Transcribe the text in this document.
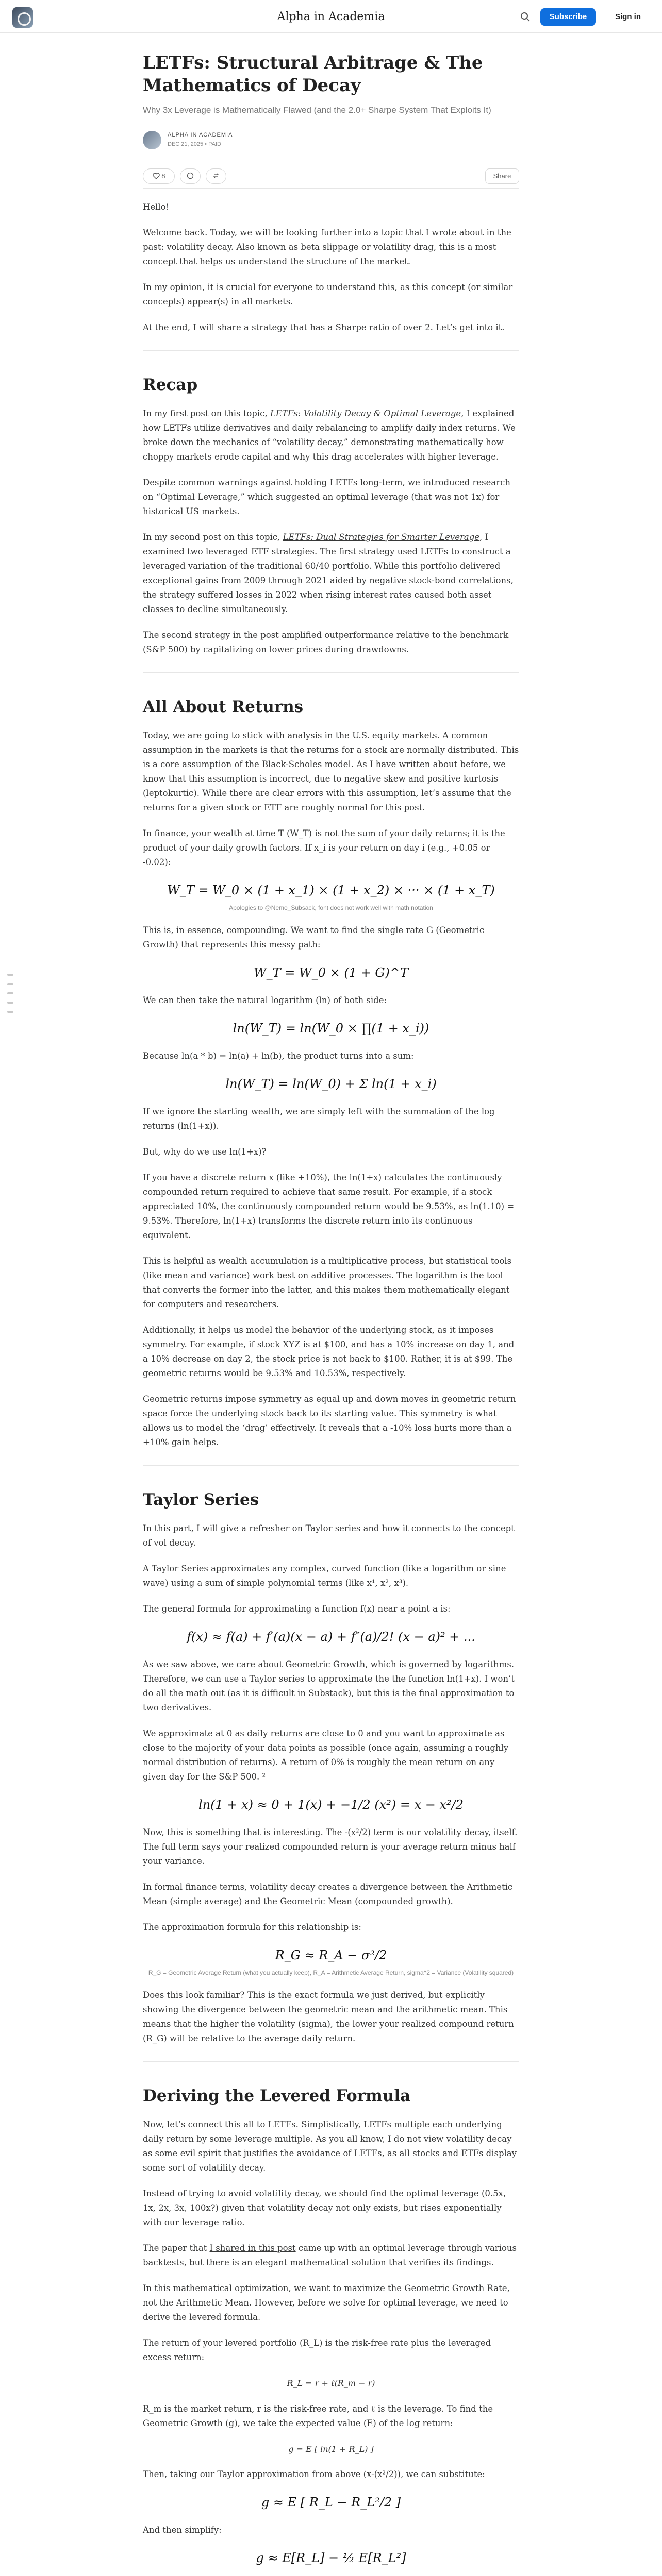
Alpha in Academia	Subscribe	Sign in
LETFs: Structural Arbitrage & The Mathematics of Decay
Why 3x Leverage is Mathematically Flawed (and the 2.0+ Sharpe System That Exploits It)
ALPHA IN ACADEMIA
DEC 21, 2025 • PAID
8	Share

Hello!

Welcome back. Today, we will be looking further into a topic that I wrote about in the past: volatility decay. Also known as beta slippage or volatility drag, this is a most concept that helps us understand the structure of the market.

In my opinion, it is crucial for everyone to understand this, as this concept (or similar concepts) appear(s) in all markets.

At the end, I will share a strategy that has a Sharpe ratio of over 2. Let’s get into it.

Recap

In my first post on this topic, LETFs: Volatility Decay & Optimal Leverage, I explained how LETFs utilize derivatives and daily rebalancing to amplify daily index returns. We broke down the mechanics of “volatility decay,” demonstrating mathematically how choppy markets erode capital and why this drag accelerates with higher leverage.

Despite common warnings against holding LETFs long-term, we introduced research on “Optimal Leverage,” which suggested an optimal leverage (that was not 1x) for historical US markets.

In my second post on this topic, LETFs: Dual Strategies for Smarter Leverage, I examined two leveraged ETF strategies. The first strategy used LETFs to construct a leveraged variation of the traditional 60/40 portfolio. While this portfolio delivered exceptional gains from 2009 through 2021 aided by negative stock-bond correlations, the strategy suffered losses in 2022 when rising interest rates caused both asset classes to decline simultaneously.

The second strategy in the post amplified outperformance relative to the benchmark (S&P 500) by capitalizing on lower prices during drawdowns.

All About Returns

Today, we are going to stick with analysis in the U.S. equity markets. A common assumption in the markets is that the returns for a stock are normally distributed. This is a core assumption of the Black-Scholes model. As I have written about before, we know that this assumption is incorrect, due to negative skew and positive kurtosis (leptokurtic). While there are clear errors with this assumption, let’s assume that the returns for a given stock or ETF are roughly normal for this post.

In finance, your wealth at time T (W_T) is not the sum of your daily returns; it is the product of your daily growth factors. If x_i is your return on day i (e.g., +0.05 or -0.02):

W_T = W_0 × (1 + x_1) × (1 + x_2) × ··· × (1 + x_T)
Apologies to @Nemo_Subsack, font does not work well with math notation

This is, in essence, compounding. We want to find the single rate G (Geometric Growth) that represents this messy path:

W_T = W_0 × (1 + G)^T

We can then take the natural logarithm (ln) of both side:

ln(W_T) = ln(W_0 × ∏(1 + x_i))

Because ln(a * b) = ln(a) + ln(b), the product turns into a sum:

ln(W_T) = ln(W_0) + Σ ln(1 + x_i)

If we ignore the starting wealth, we are simply left with the summation of the log returns (ln(1+x)).

But, why do we use ln(1+x)?

If you have a discrete return x (like +10%), the ln(1+x) calculates the continuously compounded return required to achieve that same result. For example, if a stock appreciated 10%, the continuously compounded return would be 9.53%, as ln(1.10) = 9.53%. Therefore, ln(1+x) transforms the discrete return into its continuous equivalent.

This is helpful as wealth accumulation is a multiplicative process, but statistical tools (like mean and variance) work best on additive processes. The logarithm is the tool that converts the former into the latter, and this makes them mathematically elegant for computers and researchers.

Additionally, it helps us model the behavior of the underlying stock, as it imposes symmetry. For example, if stock XYZ is at $100, and has a 10% increase on day 1, and a 10% decrease on day 2, the stock price is not back to $100. Rather, it is at $99. The geometric returns would be 9.53% and 10.53%, respectively.

Geometric returns impose symmetry as equal up and down moves in geometric return space force the underlying stock back to its starting value. This symmetry is what allows us to model the ‘drag’ effectively. It reveals that a -10% loss hurts more than a +10% gain helps.

Taylor Series

In this part, I will give a refresher on Taylor series and how it connects to the concept of vol decay.

A Taylor Series approximates any complex, curved function (like a logarithm or sine wave) using a sum of simple polynomial terms (like x¹, x², x³).

The general formula for approximating a function f(x) near a point a is:

f(x) ≈ f(a) + f′(a)(x − a) + f″(a)/2! (x − a)² + ...

As we saw above, we care about Geometric Growth, which is governed by logarithms. Therefore, we can use a Taylor series to approximate the the function ln(1+x). I won’t do all the math out (as it is difficult in Substack), but this is the final approximation to two derivatives.

We approximate at 0 as daily returns are close to 0 and you want to approximate as close to the majority of your data points as possible (once again, assuming a roughly normal distribution of returns). A return of 0% is roughly the mean return on any given day for the S&P 500. ²

ln(1 + x) ≈ 0 + 1(x) + −1/2 (x²) = x − x²/2

Now, this is something that is interesting. The -(x²/2) term is our volatility decay, itself. The full term says your realized compounded return is your average return minus half your variance.

In formal finance terms, volatility decay creates a divergence between the Arithmetic Mean (simple average) and the Geometric Mean (compounded growth).

The approximation formula for this relationship is:

R_G ≈ R_A − σ²/2
R_G = Geometric Average Return (what you actually keep), R_A = Arithmetic Average Return, sigma^2 = Variance (Volatility squared)

Does this look familiar? This is the exact formula we just derived, but explicitly showing the divergence between the geometric mean and the arithmetic mean. This means that the higher the volatility (sigma), the lower your realized compound return (R_G) will be relative to the average daily return.

Deriving the Levered Formula

Now, let’s connect this all to LETFs. Simplistically, LETFs multiple each underlying daily return by some leverage multiple. As you all know, I do not view volatility decay as some evil spirit that justifies the avoidance of LETFs, as all stocks and ETFs display some sort of volatility decay.

Instead of trying to avoid volatility decay, we should find the optimal leverage (0.5x, 1x, 2x, 3x, 100x?) given that volatility decay not only exists, but rises exponentially with our leverage ratio.

The paper that I shared in this post came up with an optimal leverage through various backtests, but there is an elegant mathematical solution that verifies its findings.

In this mathematical optimization, we want to maximize the Geometric Growth Rate, not the Arithmetic Mean. However, before we solve for optimal leverage, we need to derive the levered formula.

The return of your levered portfolio (R_L) is the risk-free rate plus the leveraged excess return:

R_L = r + ℓ(R_m − r)

R_m is the market return, r is the risk-free rate, and ℓ is the leverage. To find the Geometric Growth (g), we take the expected value (E) of the log return:

g = E [ ln(1 + R_L) ]

Then, taking our Taylor approximation from above (x-(x²/2)), we can substitute:

g ≈ E [ R_L − R_L²/2 ]

And then simplify:

g ≈ E[R_L] − ½ E[R_L²]
